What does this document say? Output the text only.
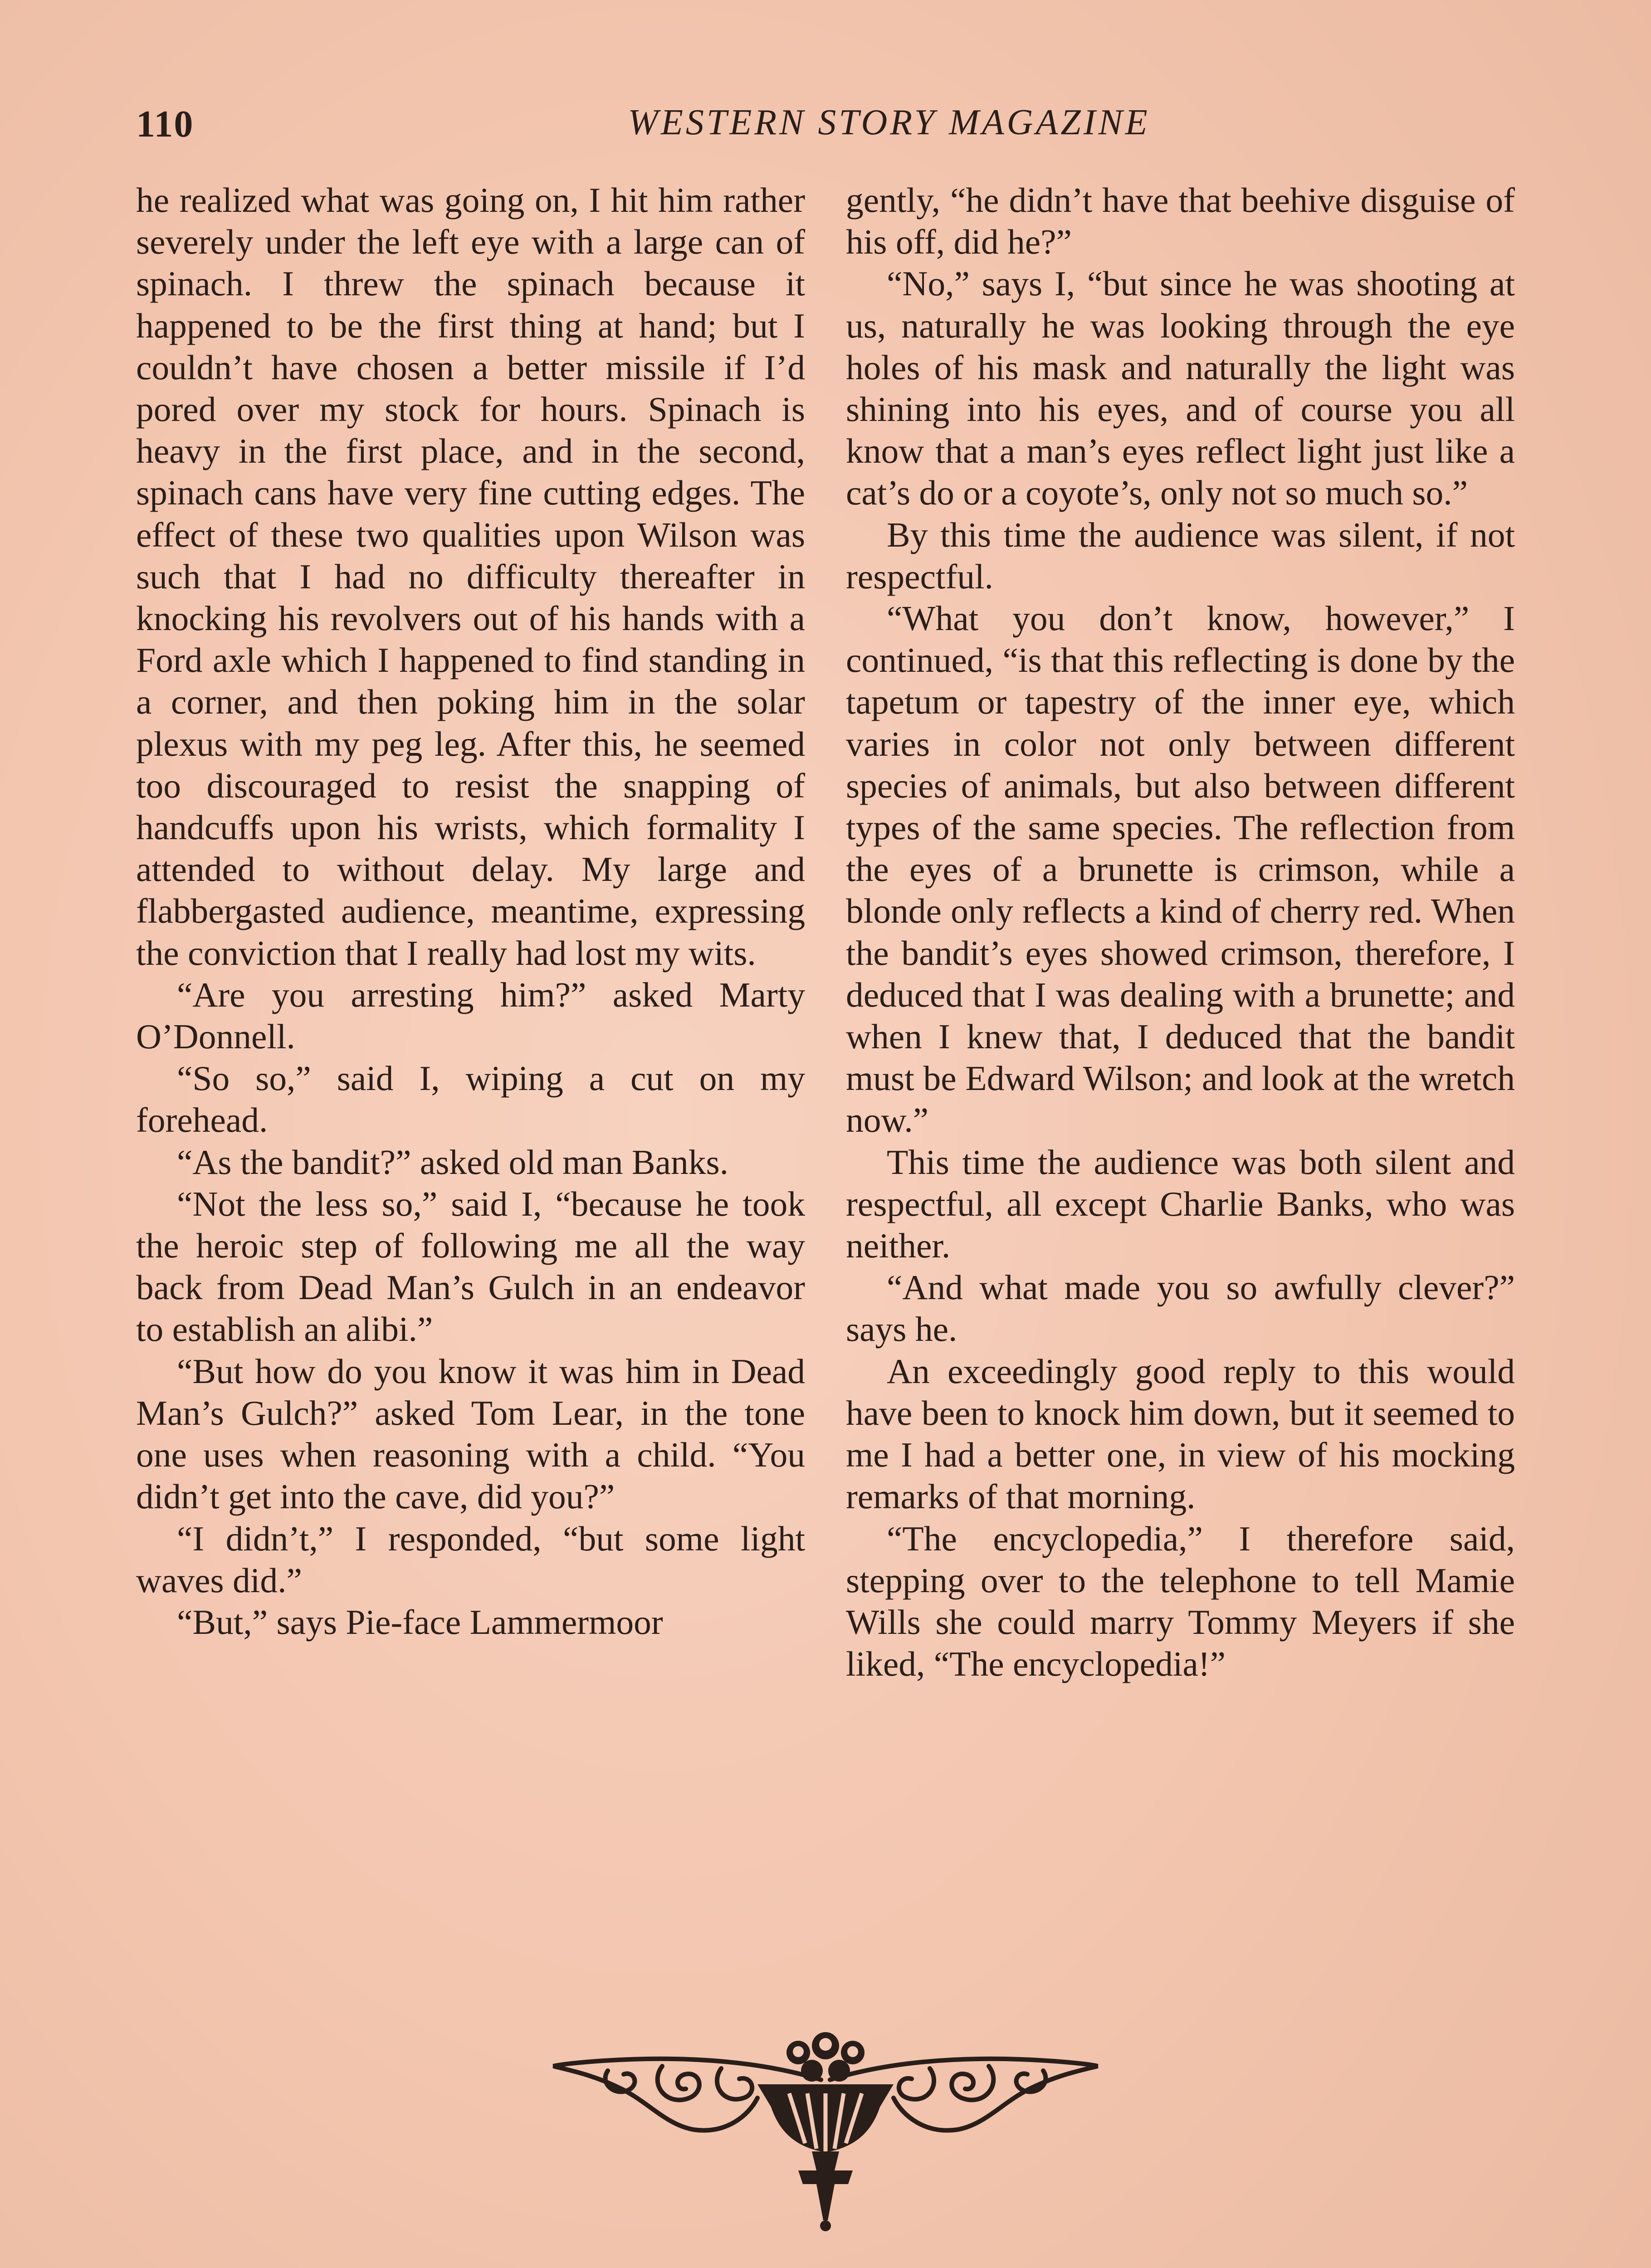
110	WESTERN STORY MAGAZINE

he realized what was going on, I hit him rather severely under the left eye with a large can of spinach. I threw the spinach because it happened to be the first thing at hand; but I couldn’t have chosen a better missile if I’d pored over my stock for hours. Spinach is heavy in the first place, and in the second, spinach cans have very fine cutting edges. The effect of these two qualities upon Wilson was such that I had no difficulty thereafter in knocking his revolvers out of his hands with a Ford axle which I happened to find standing in a corner, and then poking him in the solar plexus with my peg leg. After this, he seemed too discouraged to resist the snapping of handcuffs upon his wrists, which formality I attended to without delay. My large and flabbergasted audience, meantime, expressing the conviction that I really had lost my wits.

“Are you arresting him?” asked Marty O’Donnell.

“So so,” said I, wiping a cut on my forehead.

“As the bandit?” asked old man Banks.

“Not the less so,” said I, “because he took the heroic step of following me all the way back from Dead Man’s Gulch in an endeavor to establish an alibi.”

“But how do you know it was him in Dead Man’s Gulch?” asked Tom Lear, in the tone one uses when reasoning with a child. “You didn’t get into the cave, did you?”

“I didn’t,” I responded, “but some light waves did.”

“But,” says Pie-face Lammermoor

gently, “he didn’t have that beehive disguise of his off, did he?”

“No,” says I, “but since he was shooting at us, naturally he was looking through the eye holes of his mask and naturally the light was shining into his eyes, and of course you all know that a man’s eyes reflect light just like a cat’s do or a coyote’s, only not so much so.”

By this time the audience was silent, if not respectful.

“What you don’t know, however,” I continued, “is that this reflecting is done by the tapetum or tapestry of the inner eye, which varies in color not only between different species of animals, but also between different types of the same species. The reflection from the eyes of a brunette is crimson, while a blonde only reflects a kind of cherry red. When the bandit’s eyes showed crimson, therefore, I deduced that I was dealing with a brunette; and when I knew that, I deduced that the bandit must be Edward Wilson; and look at the wretch now.”

This time the audience was both silent and respectful, all except Charlie Banks, who was neither.

“And what made you so awfully clever?” says he.

An exceedingly good reply to this would have been to knock him down, but it seemed to me I had a better one, in view of his mocking remarks of that morning.

“The encyclopedia,” I therefore said, stepping over to the telephone to tell Mamie Wills she could marry Tommy Meyers if she liked, “The encyclopedia!”
